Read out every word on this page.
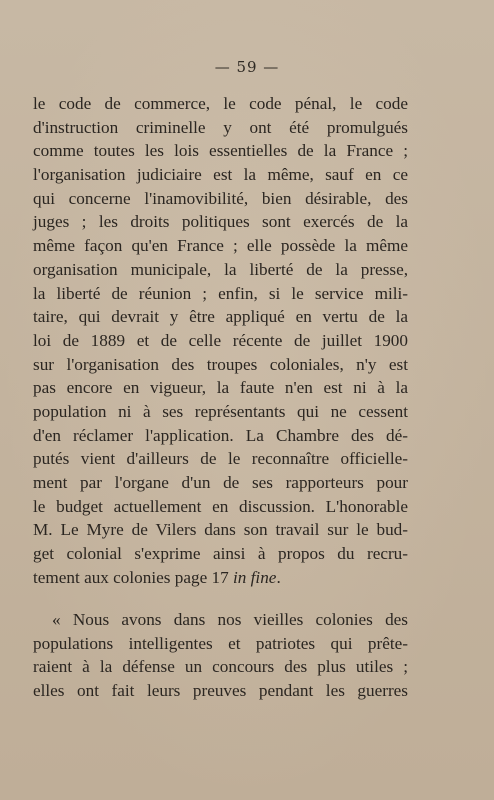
— 59 —
le code de commerce, le code pénal, le code
d'instruction criminelle y ont été promulgués
comme toutes les lois essentielles de la France ;
l'organisation judiciaire est la même, sauf en ce
qui concerne l'inamovibilité, bien désirable, des
juges ; les droits politiques sont exercés de la
même façon qu'en France ; elle possède la même
organisation municipale, la liberté de la presse,
la liberté de réunion ; enfin, si le service mili-
taire, qui devrait y être appliqué en vertu de la
loi de 1889 et de celle récente de juillet 1900
sur l'organisation des troupes coloniales, n'y est
pas encore en vigueur, la faute n'en est ni à la
population ni à ses représentants qui ne cessent
d'en réclamer l'application. La Chambre des dé-
putés vient d'ailleurs de le reconnaître officielle-
ment par l'organe d'un de ses rapporteurs pour
le budget actuellement en discussion. L'honorable
M. Le Myre de Vilers dans son travail sur le bud-
get colonial s'exprime ainsi à propos du recru-
tement aux colonies page 17 in fine.
« Nous avons dans nos vieilles colonies des
populations intelligentes et patriotes qui prête-
raient à la défense un concours des plus utiles ;
elles ont fait leurs preuves pendant les guerres
